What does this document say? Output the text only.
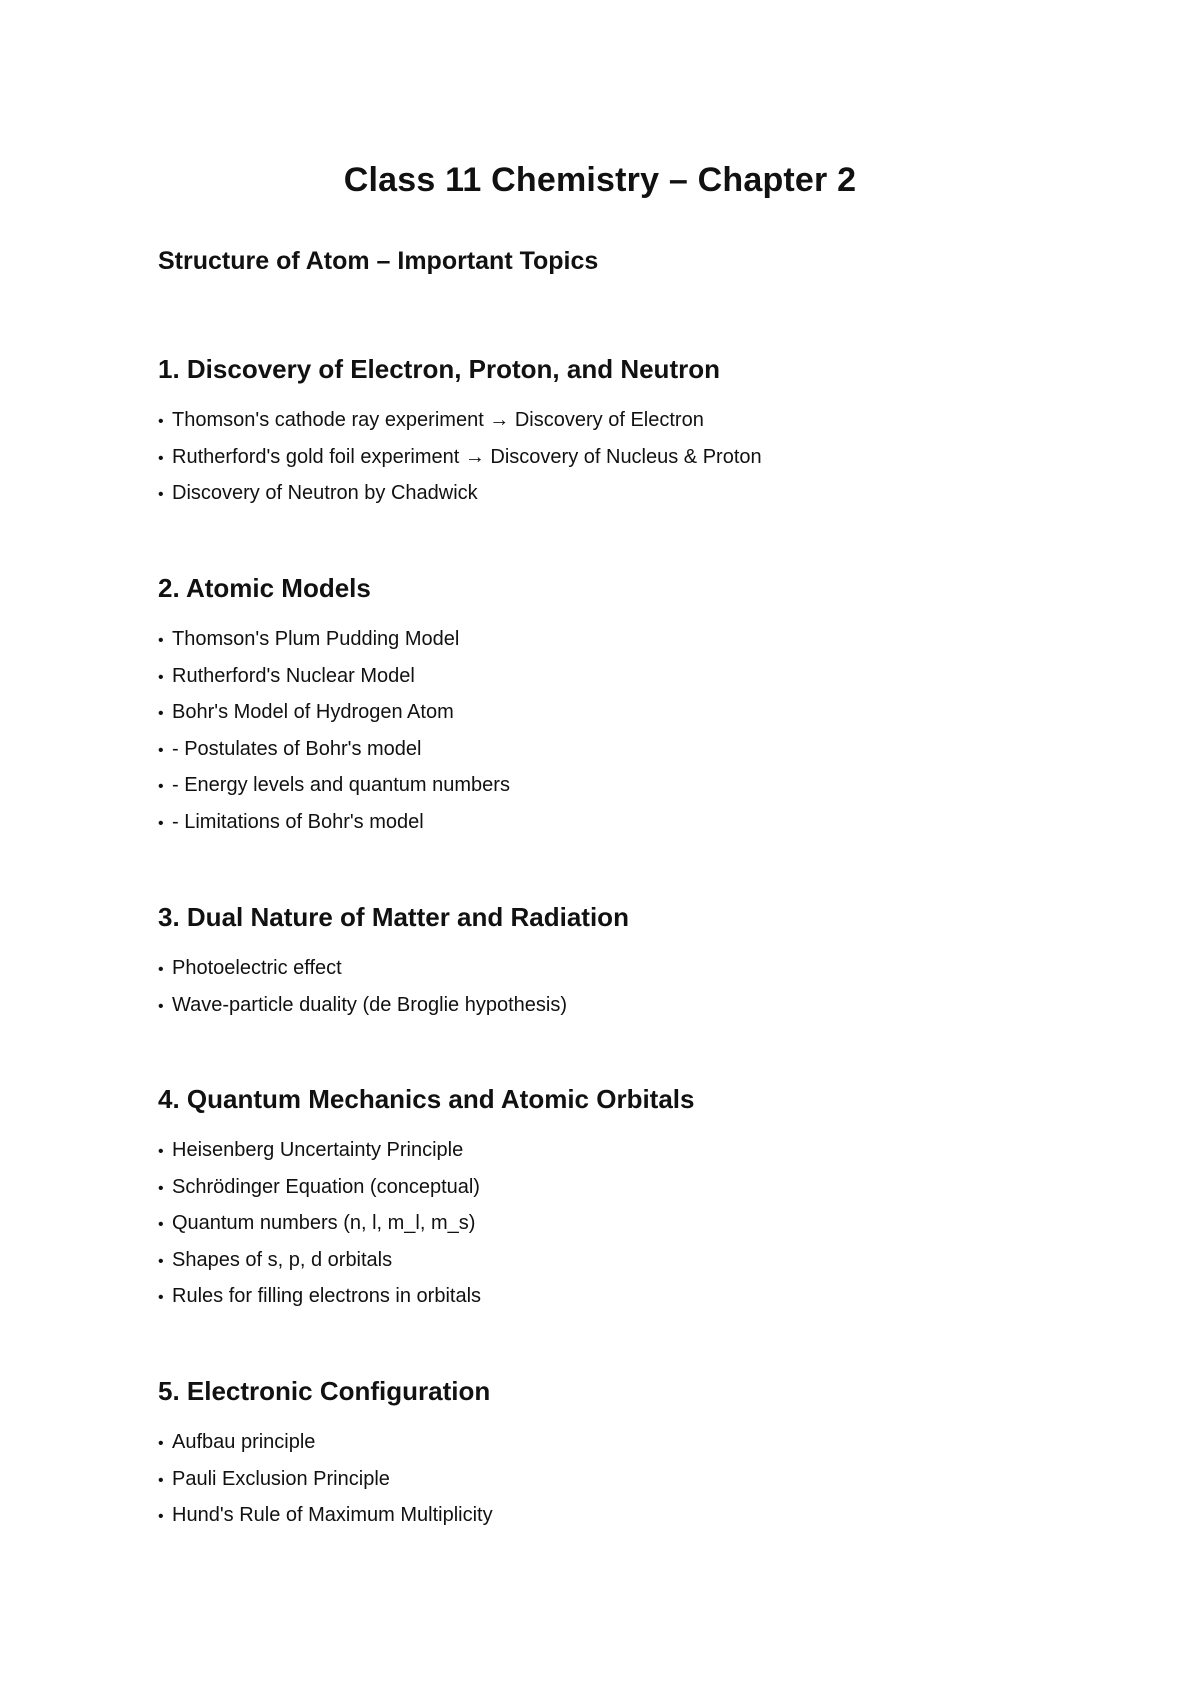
Class 11 Chemistry – Chapter 2
Structure of Atom – Important Topics
1. Discovery of Electron, Proton, and Neutron
• Thomson's cathode ray experiment → Discovery of Electron
• Rutherford's gold foil experiment → Discovery of Nucleus & Proton
• Discovery of Neutron by Chadwick
2. Atomic Models
• Thomson's Plum Pudding Model
• Rutherford's Nuclear Model
• Bohr's Model of Hydrogen Atom
• - Postulates of Bohr's model
• - Energy levels and quantum numbers
• - Limitations of Bohr's model
3. Dual Nature of Matter and Radiation
• Photoelectric effect
• Wave-particle duality (de Broglie hypothesis)
4. Quantum Mechanics and Atomic Orbitals
• Heisenberg Uncertainty Principle
• Schrödinger Equation (conceptual)
• Quantum numbers (n, l, m_l, m_s)
• Shapes of s, p, d orbitals
• Rules for filling electrons in orbitals
5. Electronic Configuration
• Aufbau principle
• Pauli Exclusion Principle
• Hund's Rule of Maximum Multiplicity
